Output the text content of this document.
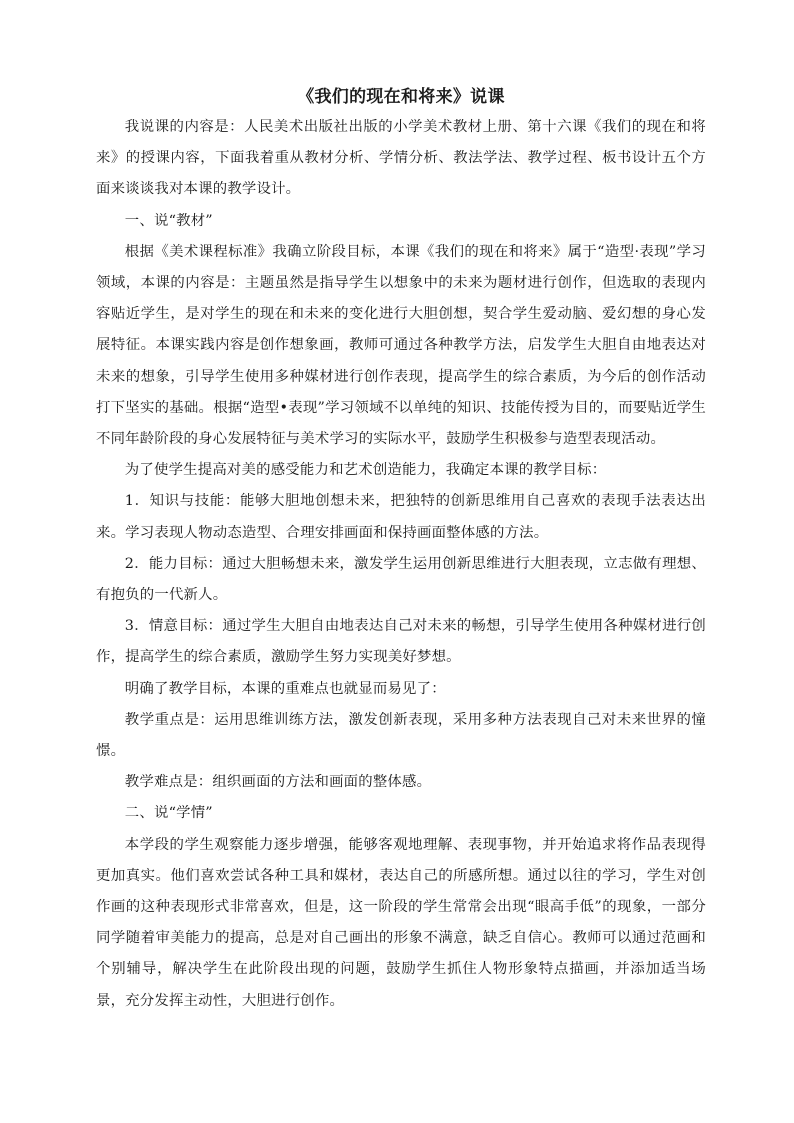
《我们的现在和将来》说课

我说课的内容是：人民美术出版社出版的小学美术教材上册、第十六课《我们的现在和将来》的授课内容，下面我着重从教材分析、学情分析、教法学法、教学过程、板书设计五个方面来谈谈我对本课的教学设计。

一、说“教材”

根据《美术课程标准》我确立阶段目标，本课《我们的现在和将来》属于“造型·表现”学习领域，本课的内容是：主题虽然是指导学生以想象中的未来为题材进行创作，但选取的表现内容贴近学生，是对学生的现在和未来的变化进行大胆创想，契合学生爱动脑、爱幻想的身心发展特征。本课实践内容是创作想象画，教师可通过各种教学方法，启发学生大胆自由地表达对未来的想象，引导学生使用多种媒材进行创作表现，提高学生的综合素质，为今后的创作活动打下坚实的基础。根据“造型•表现”学习领域不以单纯的知识、技能传授为目的，而要贴近学生不同年龄阶段的身心发展特征与美术学习的实际水平，鼓励学生积极参与造型表现活动。

为了使学生提高对美的感受能力和艺术创造能力，我确定本课的教学目标：

1．知识与技能：能够大胆地创想未来，把独特的创新思维用自己喜欢的表现手法表达出来。学习表现人物动态造型、合理安排画面和保持画面整体感的方法。

2．能力目标：通过大胆畅想未来，激发学生运用创新思维进行大胆表现，立志做有理想、有抱负的一代新人。

3．情意目标：通过学生大胆自由地表达自己对未来的畅想，引导学生使用各种媒材进行创作，提高学生的综合素质，激励学生努力实现美好梦想。

明确了教学目标，本课的重难点也就显而易见了：

教学重点是：运用思维训练方法，激发创新表现，采用多种方法表现自己对未来世界的憧憬。

教学难点是：组织画面的方法和画面的整体感。

二、说“学情”

本学段的学生观察能力逐步增强，能够客观地理解、表现事物，并开始追求将作品表现得更加真实。他们喜欢尝试各种工具和媒材，表达自己的所感所想。通过以往的学习，学生对创作画的这种表现形式非常喜欢，但是，这一阶段的学生常常会出现“眼高手低”的现象，一部分同学随着审美能力的提高，总是对自己画出的形象不满意，缺乏自信心。教师可以通过范画和个别辅导，解决学生在此阶段出现的问题，鼓励学生抓住人物形象特点描画，并添加适当场景，充分发挥主动性，大胆进行创作。
